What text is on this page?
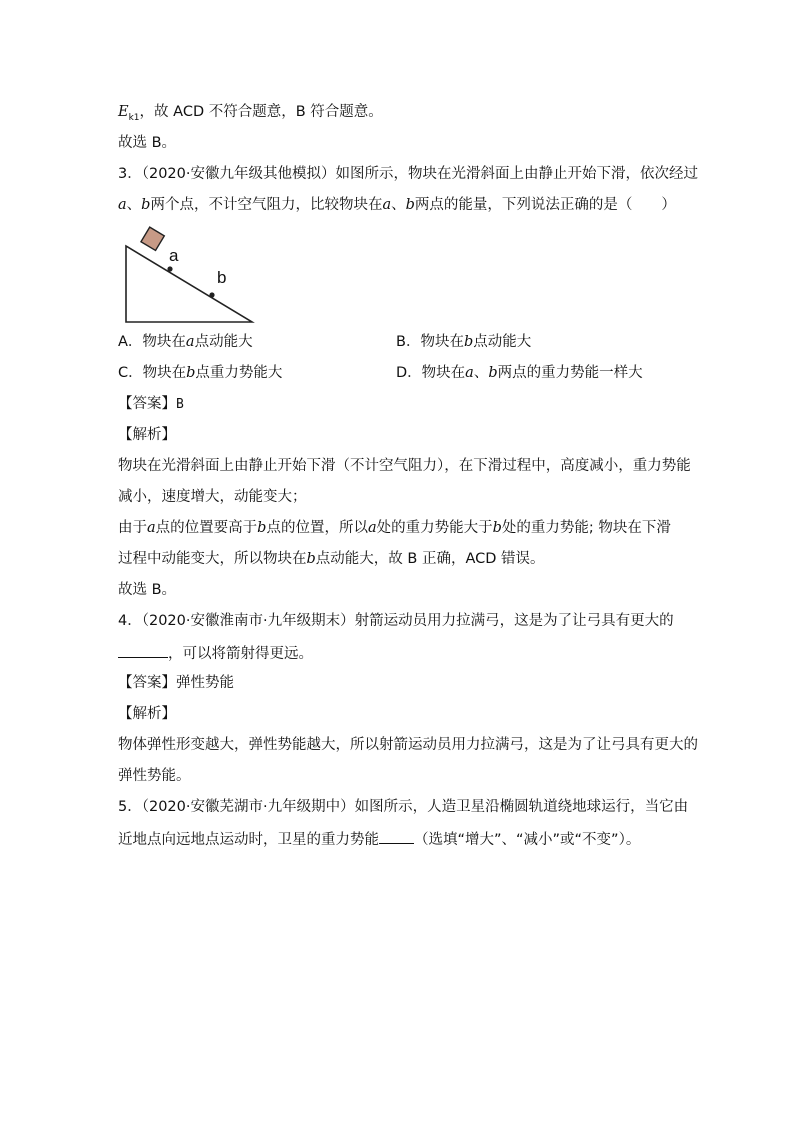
$E_{k1}$，故 ACD 不符合题意，B 符合题意。
故选 B。
3．（2020·安徽九年级其他模拟）如图所示，物块在光滑斜面上由静止开始下滑，依次经过
a、b两个点，不计空气阻力，比较物块在a、b两点的能量，下列说法正确的是（　　）
a
b
A．物块在a点动能大	B．物块在b点动能大
C．物块在b点重力势能大	D．物块在a、b两点的重力势能一样大
【答案】B
【解析】
物块在光滑斜面上由静止开始下滑（不计空气阻力），在下滑过程中，高度减小，重力势能
减小，速度增大，动能变大；
由于a点的位置要高于b点的位置，所以a处的重力势能大于b处的重力势能; 物块在下滑
过程中动能变大，所以物块在b点动能大，故 B 正确，ACD 错误。
故选 B。
4．（2020·安徽淮南市·九年级期末）射箭运动员用力拉满弓，这是为了让弓具有更大的
，可以将箭射得更远。
【答案】弹性势能
【解析】
物体弹性形变越大，弹性势能越大，所以射箭运动员用力拉满弓，这是为了让弓具有更大的
弹性势能。
5．（2020·安徽芜湖市·九年级期中）如图所示，人造卫星沿椭圆轨道绕地球运行，当它由
近地点向远地点运动时，卫星的重力势能 （选填“增大”、“减小”或“不变”）。
